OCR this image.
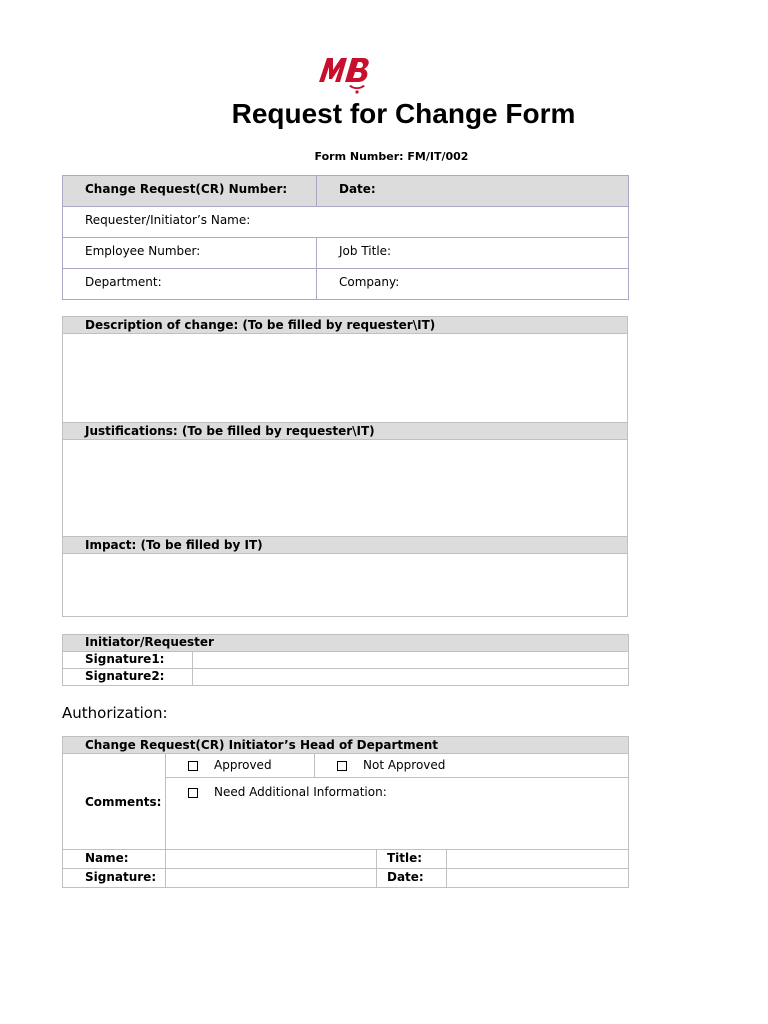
Request for Change Form
Form Number: FM/IT/002
Change Request(CR) Number:	Date:
Requester/Initiator’s Name:	
Employee Number:	Job Title:
Department:	Company:
Description of change: (To be filled by requester\IT)

Justifications: (To be filled by requester\IT)

Impact: (To be filled by IT)

Initiator/Requester	
Signature1:	
Signature2:	
Authorization:
Change Request(CR) Initiator’s Head of Department				
Comments:	Approved	Not Approved		
	Need Additional Information:			
Name:			Title:	
Signature:			Date:	
